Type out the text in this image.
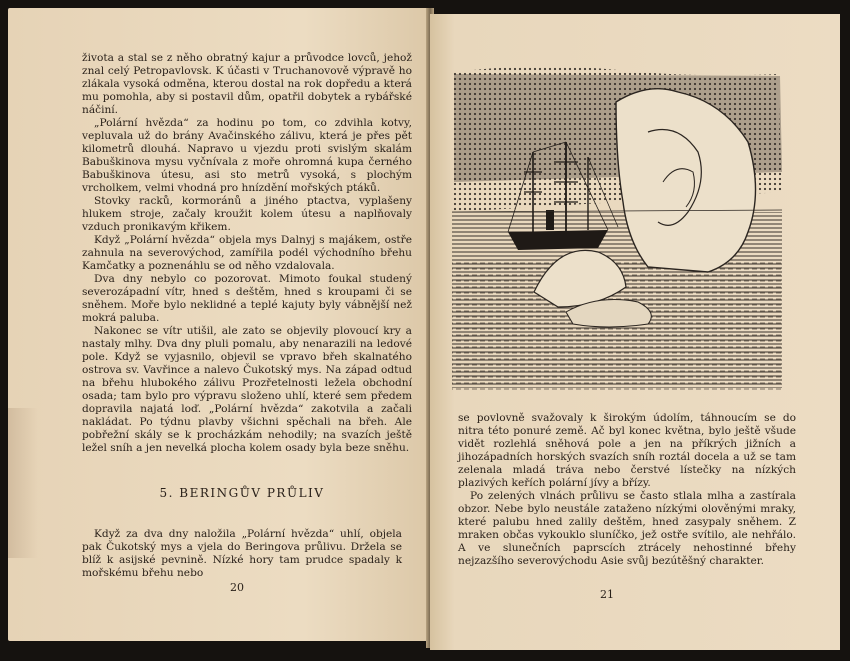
života a stal se z něho obratný kajur a průvodce lovců, jehož znal celý Petropavlovsk. K účasti v Truchanovově výpravě ho zlákala vysoká odměna, kterou dostal na rok dopředu a která mu pomohla, aby si postavil dům, opatřil dobytek a rybářské náčiní.

„Polární hvězda“ za hodinu po tom, co zdvihla kotvy, vepluvala už do brány Avačinského zálivu, která je přes pět kilometrů dlouhá. Napravo u vjezdu proti svislým skalám Babuškinova mysu vyčnívala z moře ohromná kupa černého Babuškinova útesu, asi sto metrů vysoká, s plochým vrcholkem, velmi vhodná pro hnízdění mořských ptáků.

Stovky racků, kormoránů a jiného ptactva, vyplašeny hlukem stroje, začaly kroužit kolem útesu a naplňovaly vzduch pronikavým křikem.

Když „Polární hvězda“ objela mys Dalnyj s majákem, ostře zahnula na severovýchod, zamířila podél východního břehu Kamčatky a poznenáhlu se od něho vzdalovala.

Dva dny nebylo co pozorovat. Mimoto foukal studený severozápadní vítr, hned s deštěm, hned s kroupami či se sněhem. Moře bylo neklidné a teplé kajuty byly vábnější než mokrá paluba.

Nakonec se vítr utišil, ale zato se objevily plovoucí kry a nastaly mlhy. Dva dny pluli pomalu, aby nenarazili na ledové pole. Když se vyjasnilo, objevil se vpravo břeh skalnatého ostrova sv. Vavřince a nalevo Čukotský mys. Na západ odtud na břehu hlubokého zálivu Prozřetelnosti ležela obchodní osada; tam bylo pro výpravu složeno uhlí, které sem předem dopravila najatá loď. „Polární hvězda“ zakotvila a začali nakládat. Po týdnu plavby všichni spěchali na břeh. Ale pobřežní skály se k procházkám nehodily; na svazích ještě ležel sníh a jen nevelká plocha kolem osady byla beze sněhu.

5. BERINGŮV PRŮLIV

Když za dva dny naložila „Polární hvězda“ uhlí, objela pak Čukotský mys a vjela do Beringova průlivu. Držela se blíž k asijské pevnině. Nízké hory tam prudce spadaly k mořskému břehu nebo

20

se povlovně svažovaly k širokým údolím, táhnoucím se do nitra této ponuré země. Ač byl konec května, bylo ještě všude vidět rozlehlá sněhová pole a jen na příkrých jižních a jihozápadních horských svazích sníh roztál docela a už se tam zelenala mladá tráva nebo čerstvé lístečky na nízkých plazivých keřích polární jívy a břízy.

Po zelených vlnách průlivu se často stlala mlha a zastírala obzor. Nebe bylo neustále zataženo nízkými olověnými mraky, které palubu hned zalily deštěm, hned zasypaly sněhem. Z mraken občas vykouklo sluníčko, jež ostře svítilo, ale nehřálo. A ve slunečních paprscích ztrácely nehostinné břehy nejzazšího severovýchodu Asie svůj bezútěšný charakter.

21
